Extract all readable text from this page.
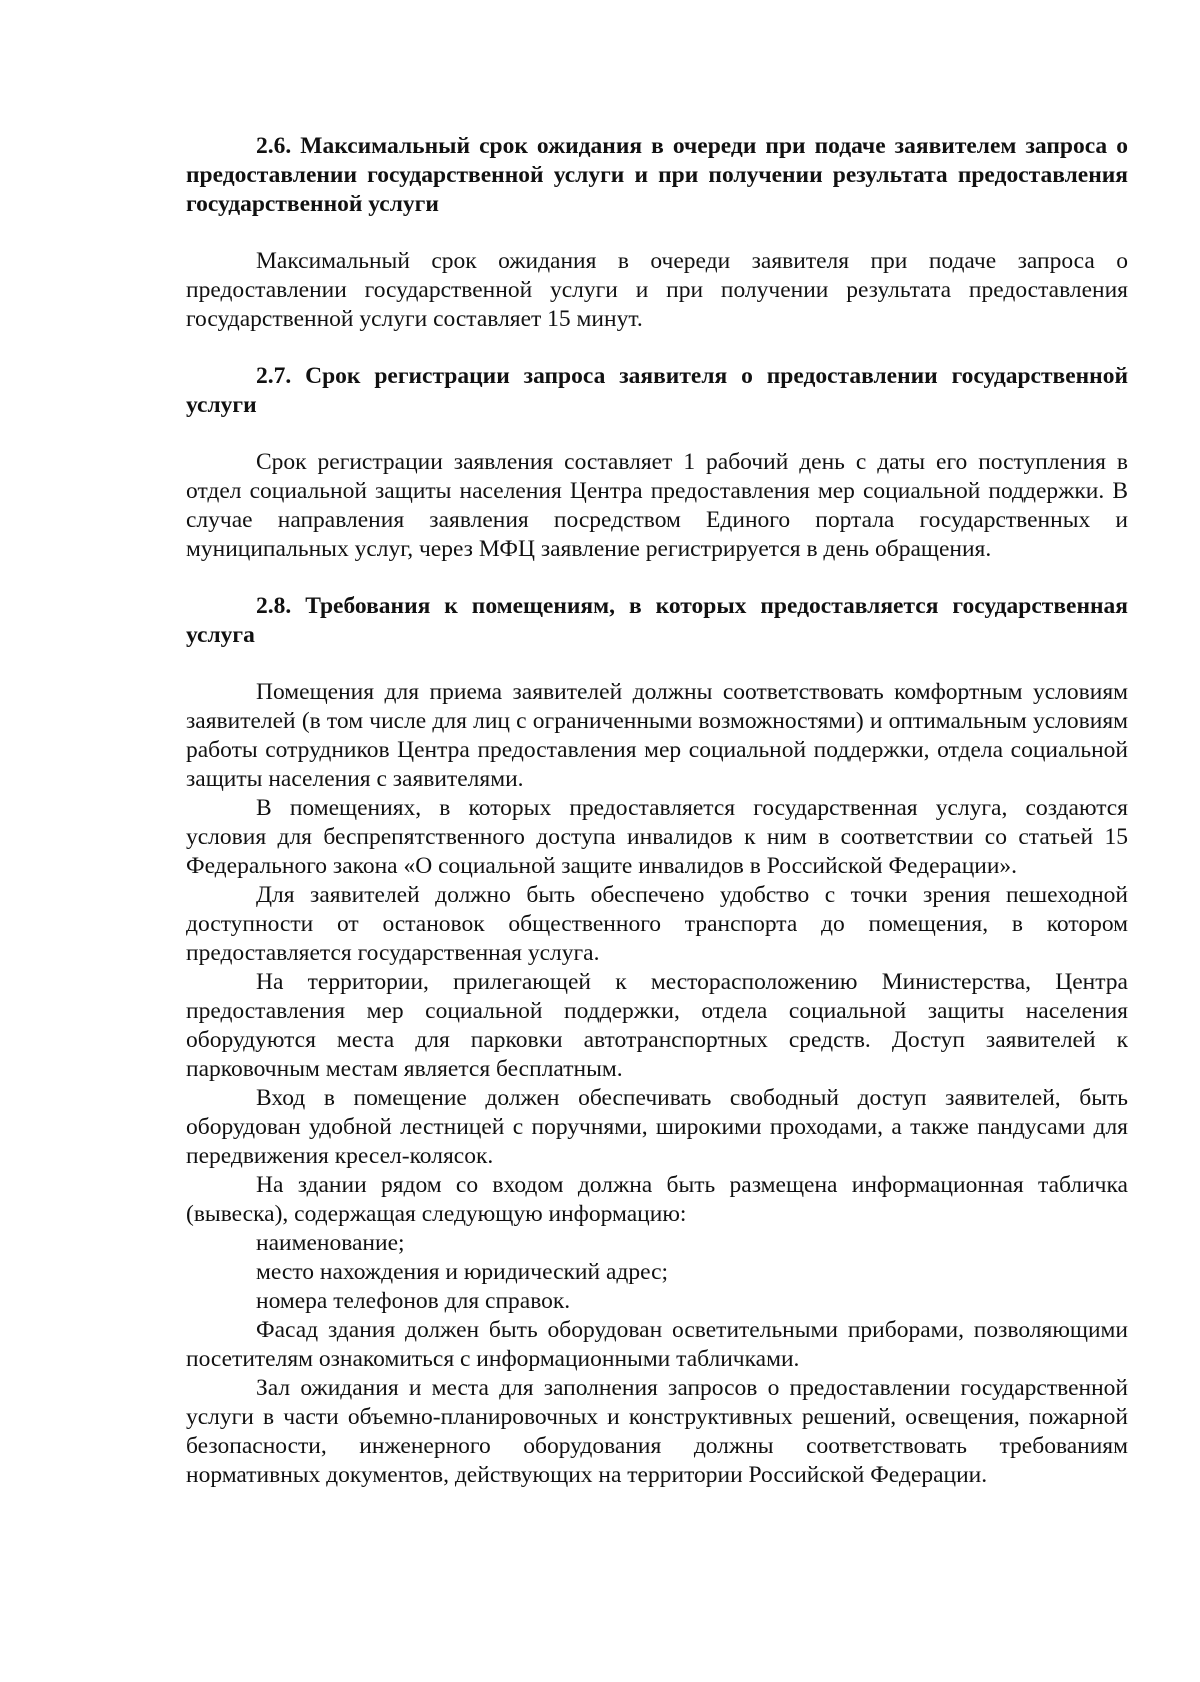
2.6. Максимальный срок ожидания в очереди при подаче заявителем запроса о предоставлении государственной услуги и при получении результата предоставления государственной услуги

Максимальный срок ожидания в очереди заявителя при подаче запроса о предоставлении государственной услуги и при получении результата предоставления государственной услуги составляет 15 минут.

2.7. Срок регистрации запроса заявителя о предоставлении государственной услуги

Срок регистрации заявления составляет 1 рабочий день с даты его поступления в отдел социальной защиты населения Центра предоставления мер социальной поддержки. В случае направления заявления посредством Единого портала государственных и муниципальных услуг, через МФЦ заявление регистрируется в день обращения.

2.8. Требования к помещениям, в которых предоставляется государственная услуга

Помещения для приема заявителей должны соответствовать комфортным условиям заявителей (в том числе для лиц с ограниченными возможностями) и оптимальным условиям работы сотрудников Центра предоставления мер социальной поддержки, отдела социальной защиты населения с заявителями.

В помещениях, в которых предоставляется государственная услуга, создаются условия для беспрепятственного доступа инвалидов к ним в соответствии со статьей 15 Федерального закона «О социальной защите инвалидов в Российской Федерации».

Для заявителей должно быть обеспечено удобство с точки зрения пешеходной доступности от остановок общественного транспорта до помещения, в котором предоставляется государственная услуга.

На территории, прилегающей к месторасположению Министерства, Центра предоставления мер социальной поддержки, отдела социальной защиты населения оборудуются места для парковки автотранспортных средств. Доступ заявителей к парковочным местам является бесплатным.

Вход в помещение должен обеспечивать свободный доступ заявителей, быть оборудован удобной лестницей с поручнями, широкими проходами, а также пандусами для передвижения кресел-колясок.

На здании рядом со входом должна быть размещена информационная табличка (вывеска), содержащая следующую информацию:

наименование;

место нахождения и юридический адрес;

номера телефонов для справок.

Фасад здания должен быть оборудован осветительными приборами, позволяющими посетителям ознакомиться с информационными табличками.

Зал ожидания и места для заполнения запросов о предоставлении государственной услуги в части объемно-планировочных и конструктивных решений, освещения, пожарной безопасности, инженерного оборудования должны соответствовать требованиям нормативных документов, действующих на территории Российской Федерации.
